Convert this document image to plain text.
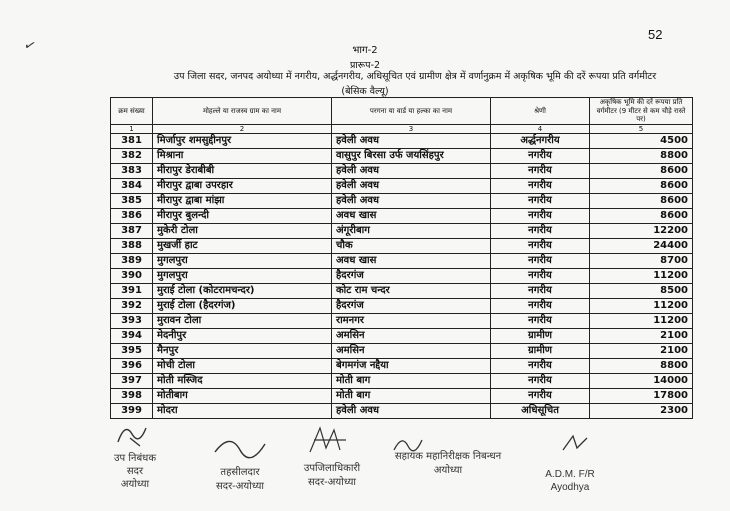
52
✓	भाग-2
प्रारूप-2
उप जिला सदर, जनपद अयोध्या में नगरीय, अर्द्धनगरीय, अधिसूचित एवं ग्रामीण क्षेत्र में वर्णानुक्रम में अकृषिक भूमि की दरें रूपया प्रति वर्गमीटर
(बेसिक वैल्यू)
क्रम संख्या	मोहल्ले या राजस्व ग्राम का नाम	परगना या वार्ड या हल्का का नाम	श्रेणी	अकृषिक भूमि की दरें रूपया प्रति वर्गमीटर (9 मीटर से कम चौड़े रास्ते पर)
1	2	3	4	5
381	मिर्जापुर शमसुद्दीनपुर	हवेली अवध	अर्द्धनगरीय	4500
382	मिश्राना	वासुपुर बिरसा उर्फ जयसिंहपुर	नगरीय	8800
383	मीरापुर डेराबीबी	हवेली अवध	नगरीय	8600
384	मीरापुर द्वाबा उपरहार	हवेली अवध	नगरीय	8600
385	मीरापुर द्वाबा मांझा	हवेली अवध	नगरीय	8600
386	मीरापुर बुलन्दी	अवध खास	नगरीय	8600
387	मुकेरी टोला	अंगूरीबाग	नगरीय	12200
388	मुखर्जी हाट	चौक	नगरीय	24400
389	मुगलपुरा	अवध खास	नगरीय	8700
390	मुगलपुरा	हैदरगंज	नगरीय	11200
391	मुराई टोला (कोटरामचन्दर)	कोट राम चन्दर	नगरीय	8500
392	मुराई टोला (हैदरगंज)	हैदरगंज	नगरीय	11200
393	मुरावन टोला	रामनगर	नगरीय	11200
394	मेदनीपुर	अमसिन	ग्रामीण	2100
395	मैनपुर	अमसिन	ग्रामीण	2100
396	मोची टोला	बेगमगंज नद्दैया	नगरीय	8800
397	मोती मस्जिद	मोती बाग	नगरीय	14000
398	मोतीबाग	मोती बाग	नगरीय	17800
399	मोदरा	हवेली अवध	अधिसूचित	2300
उप निबंधक
सदर
अयोध्या
तहसीलदार
सदर-अयोध्या
उपजिलाधिकारी
सदर-अयोध्या
सहायक महानिरीक्षक निबन्धन
अयोध्या	A.D.M. F/R
Ayodhya
